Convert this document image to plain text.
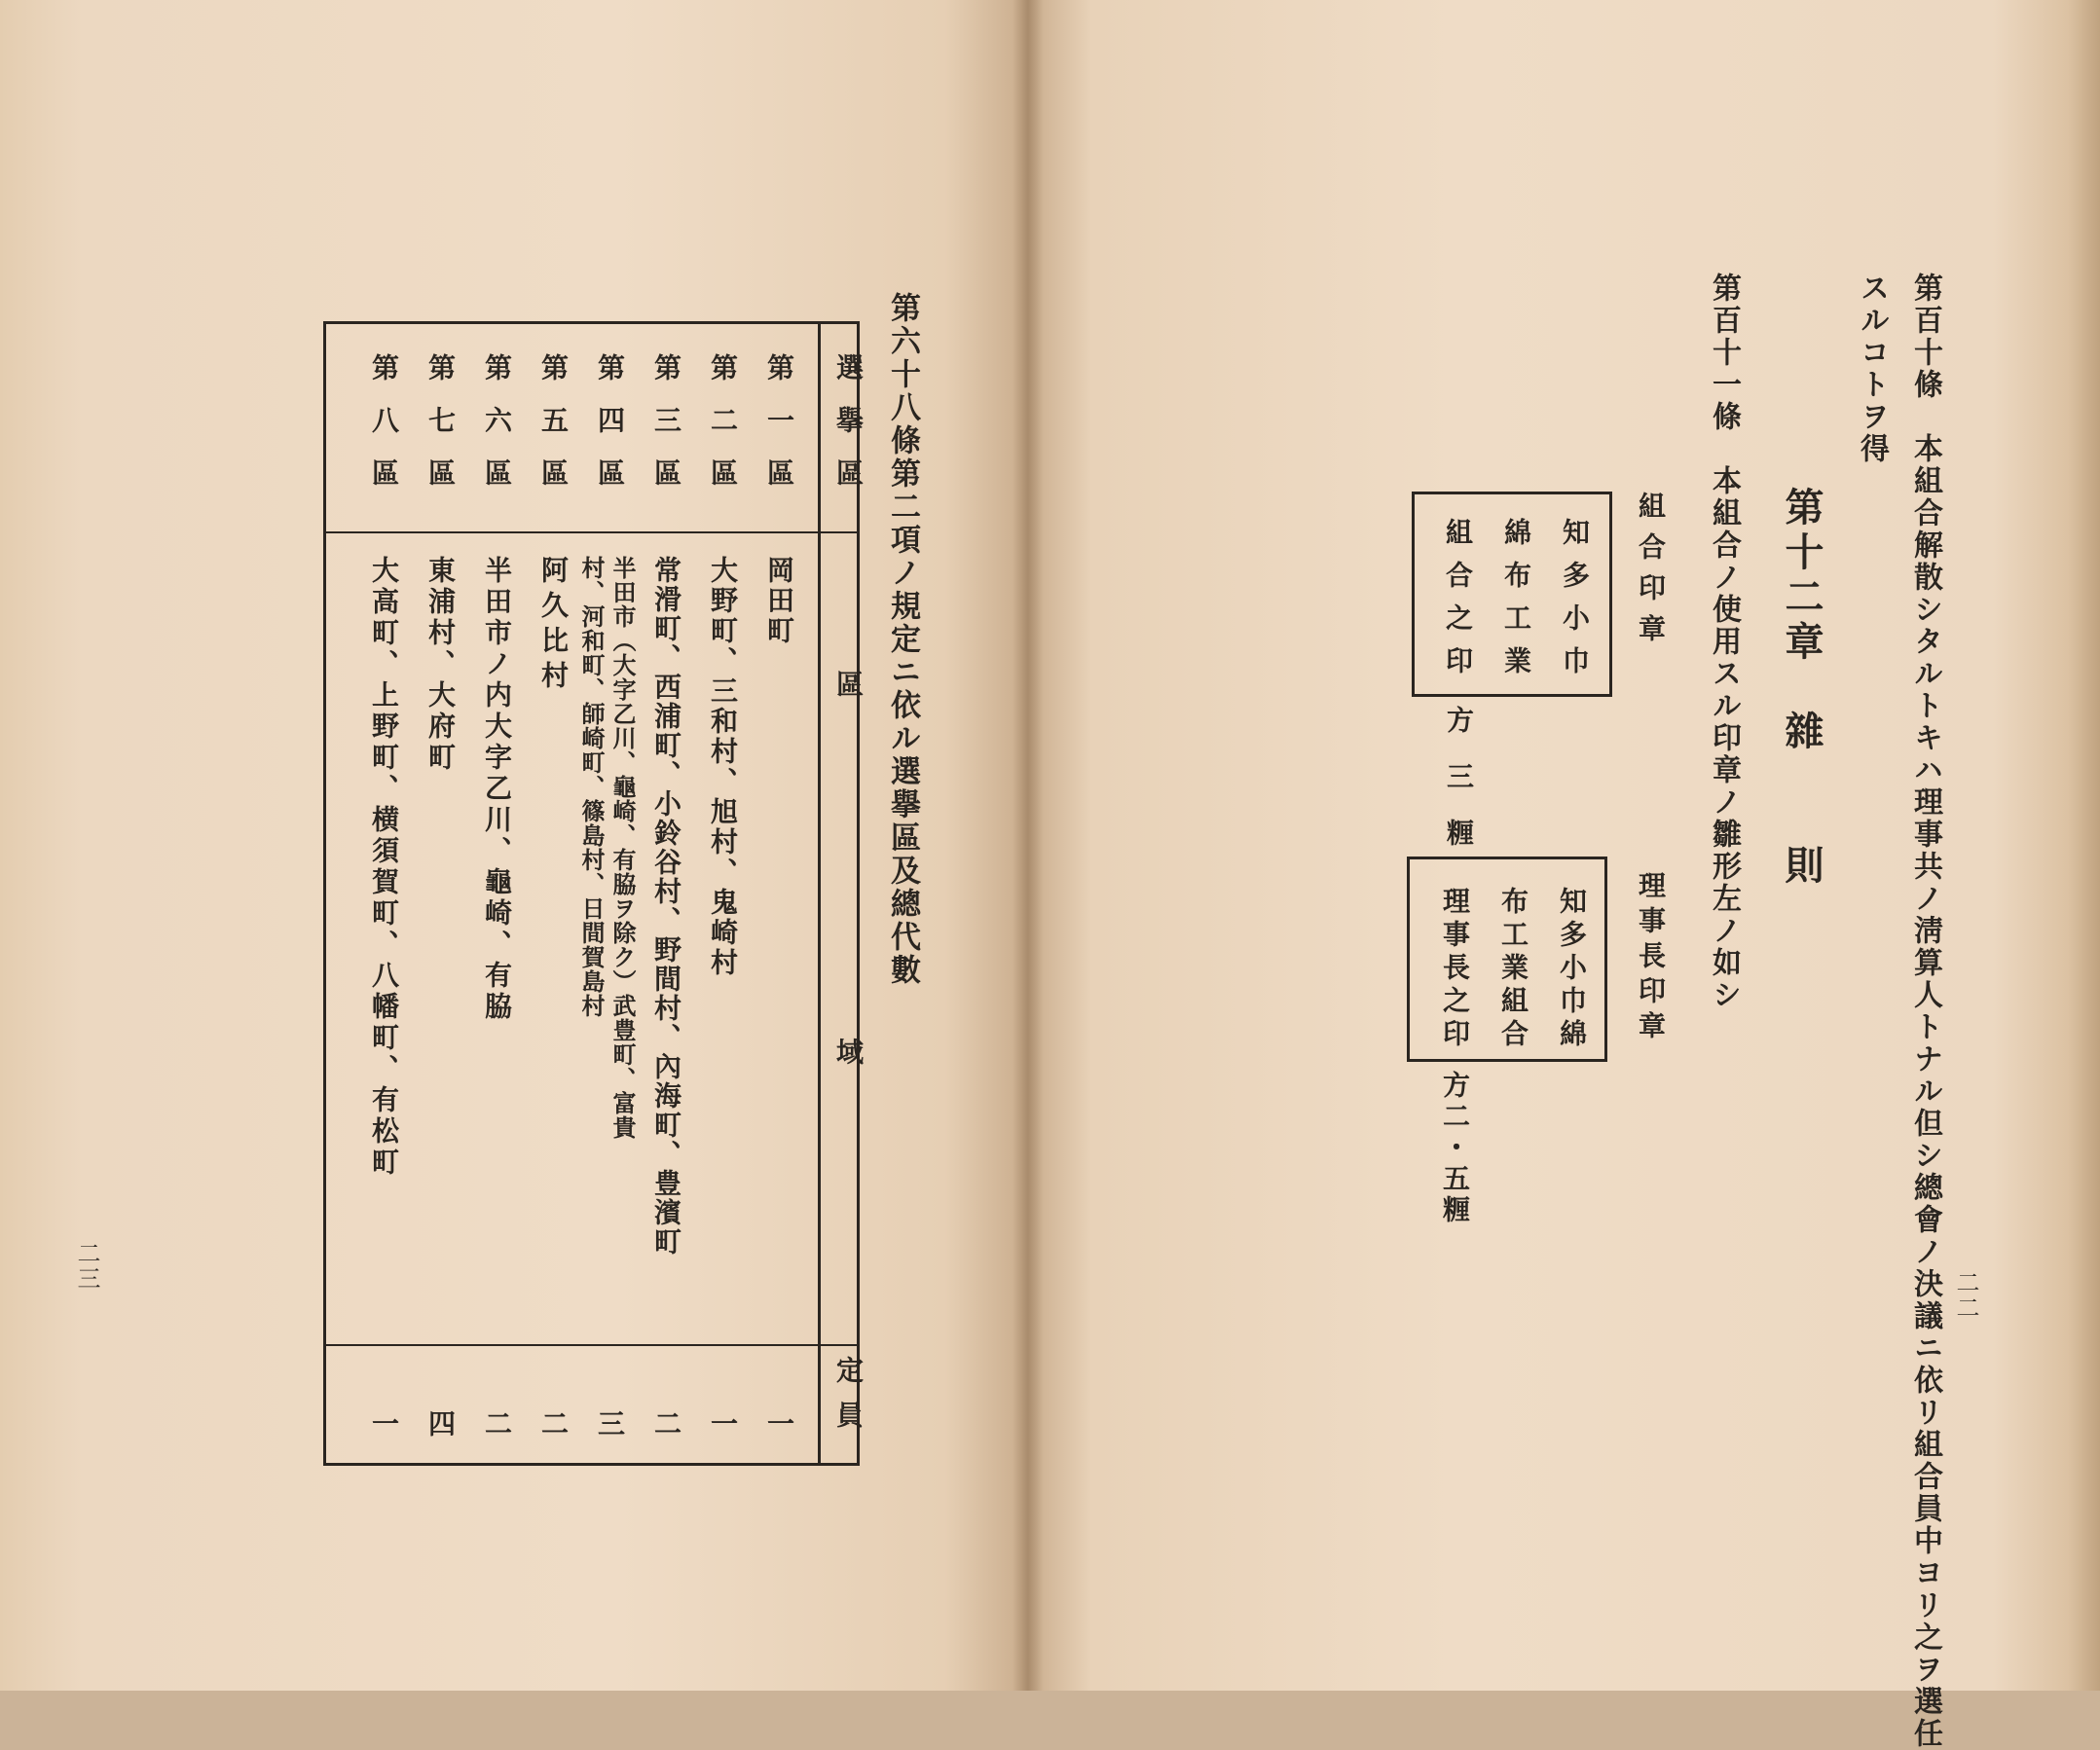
第六十八條第二項ノ規定ニ依ル選擧區及總代數
選擧區
區
域
定員
第一區
岡田町
一
第二區
大野町、三和村、旭村、鬼崎村
一
第三區
常滑町、西浦町、小鈴谷村、野間村、內海町、豊濱町
二
第四區
半田市（大字乙川、龜崎、有脇ヲ除ク）武豊町、富貴
村、河和町、師崎町、篠島村、日間賀島村
三
第五區
阿久比村
二
第六區
半田市ノ内大字乙川、龜崎、有脇
二
第七區
東浦村、大府町
四
第八區
大高町、上野町、横須賀町、八幡町、有松町
一
二三	第百十條　本組合解散シタルトキハ理事共ノ淸算人トナル但シ總會ノ決議ニ依リ組合員中ヨリ之ヲ選任
スルコトヲ得
二二
第十二章　雜　　則
第百十一條　本組合ノ使用スル印章ノ雛形左ノ如シ
組合印章
知多小巾
綿布工業
組合之印
方三糎
理事長印章
知多小巾綿
布工業組合
理事長之印
方二・五糎
